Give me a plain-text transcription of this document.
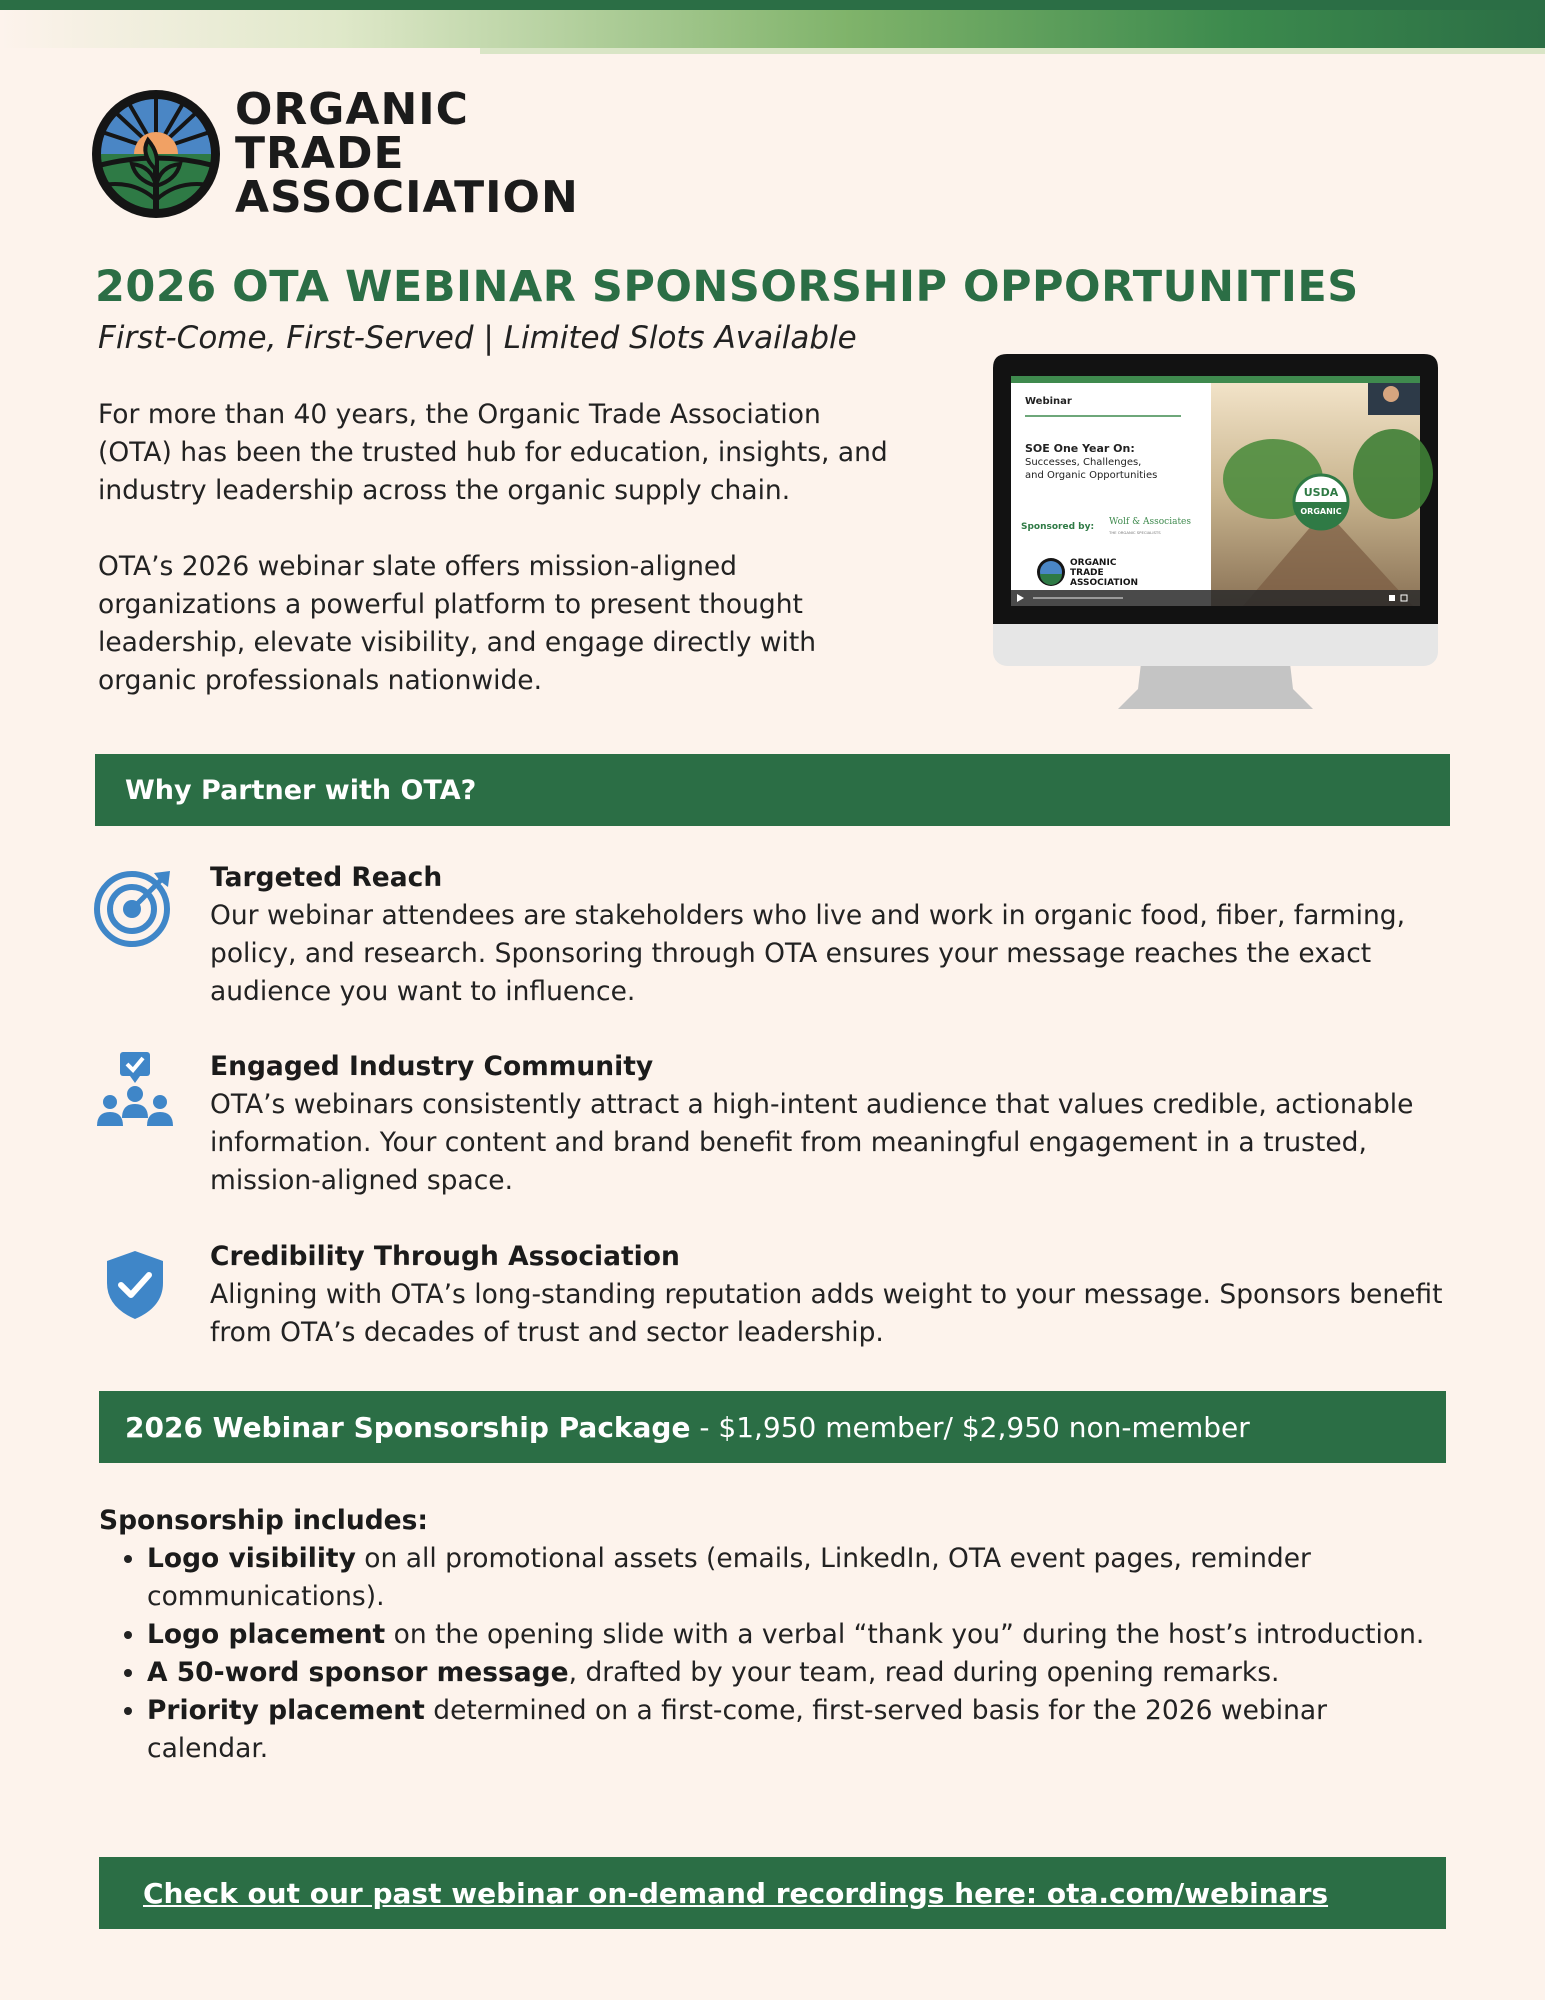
ORGANIC
TRADE
ASSOCIATION
2026 OTA WEBINAR SPONSORSHIP OPPORTUNITIES
First-Come, First-Served | Limited Slots Available

For more than 40 years, the Organic Trade Association (OTA) has been the trusted hub for education, insights, and industry leadership across the organic supply chain.

OTA’s 2026 webinar slate offers mission-aligned organizations a powerful platform to present thought leadership, elevate visibility, and engage directly with organic professionals nationwide.

USDA
ORGANIC
Webinar
SOE One Year On:
Successes, Challenges,
and Organic Opportunities
Sponsored by: Wolf & Associates
THE ORGANIC SPECIALISTS
ORGANIC
TRADE
ASSOCIATION
Why Partner with OTA?
Targeted Reach

Our webinar attendees are stakeholders who live and work in organic food, fiber, farming, policy, and research. Sponsoring through OTA ensures your message reaches the exact audience you want to influence.

Engaged Industry Community

OTA’s webinars consistently attract a high-intent audience that values credible, actionable information. Your content and brand benefit from meaningful engagement in a trusted, mission-aligned space.

Credibility Through Association

Aligning with OTA’s long-standing reputation adds weight to your message. Sponsors benefit from OTA’s decades of trust and sector leadership.

2026 Webinar Sponsorship Package - $1,950 member/ $2,950 non-member
Sponsorship includes:
• Logo visibility on all promotional assets (emails, LinkedIn, OTA event pages, reminder communications).
• Logo placement on the opening slide with a verbal “thank you” during the host’s introduction.
• A 50-word sponsor message, drafted by your team, read during opening remarks.
• Priority placement determined on a first-come, first-served basis for the 2026 webinar calendar.
Check out our past webinar on-demand recordings here: ota.com/webinars
